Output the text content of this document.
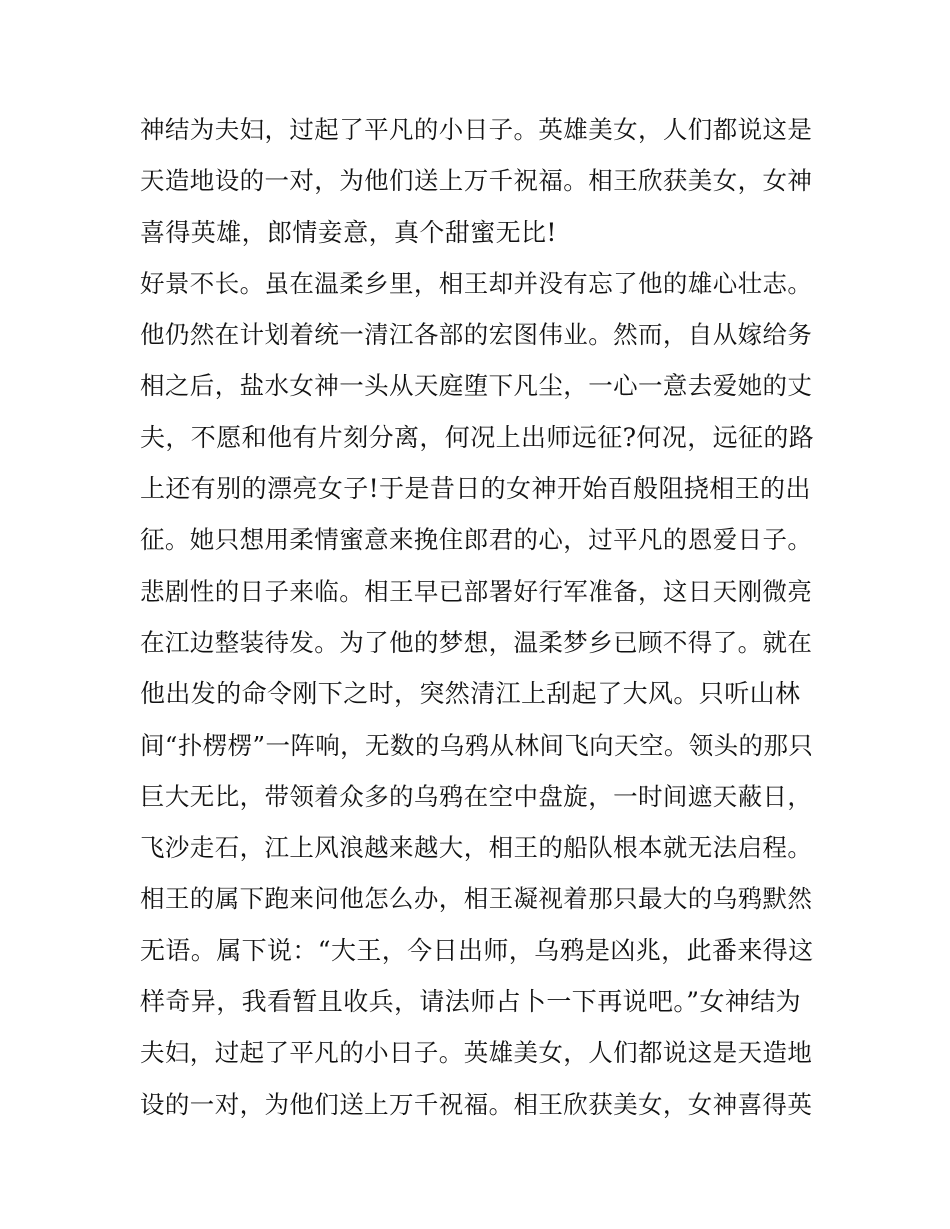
神结为夫妇，过起了平凡的小日子。英雄美女，人们都说这是
天造地设的一对，为他们送上万千祝福。相王欣获美女，女神
喜得英雄，郎情妾意，真个甜蜜无比!
好景不长。虽在温柔乡里，相王却并没有忘了他的雄心壮志。
他仍然在计划着统一清江各部的宏图伟业。然而，自从嫁给务
相之后，盐水女神一头从天庭堕下凡尘，一心一意去爱她的丈
夫，不愿和他有片刻分离，何况上出师远征?何况，远征的路
上还有别的漂亮女子!于是昔日的女神开始百般阻挠相王的出
征。她只想用柔情蜜意来挽住郎君的心，过平凡的恩爱日子。
悲剧性的日子来临。相王早已部署好行军准备，这日天刚微亮
在江边整装待发。为了他的梦想，温柔梦乡已顾不得了。就在
他出发的命令刚下之时，突然清江上刮起了大风。只听山林
间“扑楞楞”一阵响，无数的乌鸦从林间飞向天空。领头的那只
巨大无比，带领着众多的乌鸦在空中盘旋，一时间遮天蔽日，
飞沙走石，江上风浪越来越大，相王的船队根本就无法启程。
相王的属下跑来问他怎么办，相王凝视着那只最大的乌鸦默然
无语。属下说：“大王，今日出师，乌鸦是凶兆，此番来得这
样奇异，我看暂且收兵，请法师占卜一下再说吧。”女神结为
夫妇，过起了平凡的小日子。英雄美女，人们都说这是天造地
设的一对，为他们送上万千祝福。相王欣获美女，女神喜得英
